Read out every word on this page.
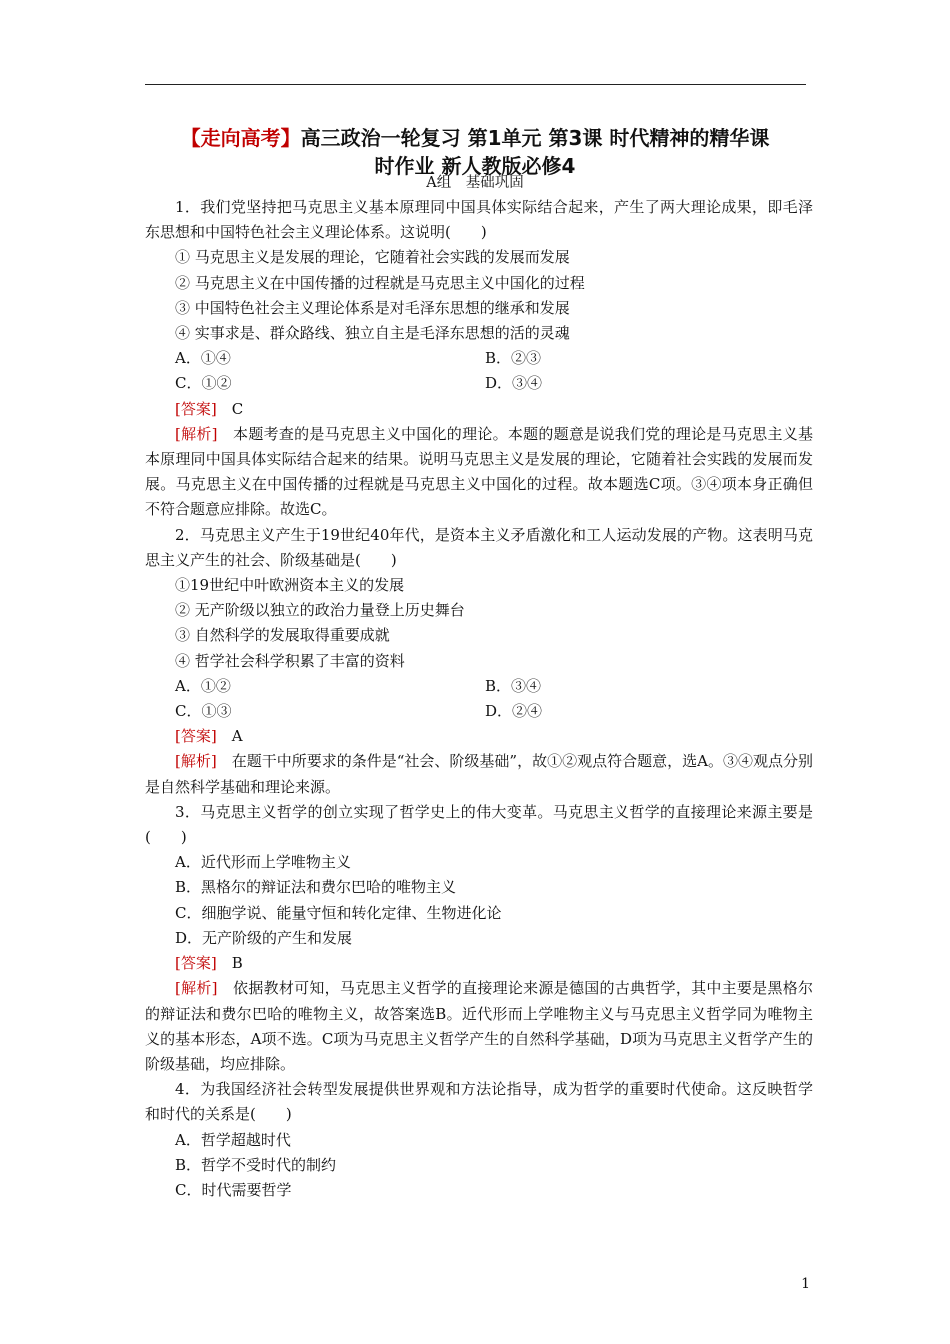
【走向高考】高三政治一轮复习 第1单元 第3课 时代精神的精华课
时作业 新人教版必修4
A组　基础巩固

1．我们党坚持把马克思主义基本原理同中国具体实际结合起来，产生了两大理论成果，即毛泽东思想和中国特色社会主义理论体系。这说明(　　)

① 马克思主义是发展的理论，它随着社会实践的发展而发展

② 马克思主义在中国传播的过程就是马克思主义中国化的过程

③ 中国特色社会主义理论体系是对毛泽东思想的继承和发展

④ 实事求是、群众路线、独立自主是毛泽东思想的活的灵魂

A．①④	B．②③
C．①②	D．③④

[答案]　C

[解析]　本题考查的是马克思主义中国化的理论。本题的题意是说我们党的理论是马克思主义基本原理同中国具体实际结合起来的结果。说明马克思主义是发展的理论，它随着社会实践的发展而发展。马克思主义在中国传播的过程就是马克思主义中国化的过程。故本题选C项。③④项本身正确但不符合题意应排除。故选C。

2．马克思主义产生于19世纪40年代，是资本主义矛盾激化和工人运动发展的产物。这表明马克思主义产生的社会、阶级基础是(　　)

①19世纪中叶欧洲资本主义的发展

② 无产阶级以独立的政治力量登上历史舞台

③ 自然科学的发展取得重要成就

④ 哲学社会科学积累了丰富的资料

A．①②	B．③④
C．①③	D．②④

[答案]　A

[解析]　在题干中所要求的条件是“社会、阶级基础”，故①②观点符合题意，选A。③④观点分别是自然科学基础和理论来源。

3．马克思主义哲学的创立实现了哲学史上的伟大变革。马克思主义哲学的直接理论来源主要是(　　)

A．近代形而上学唯物主义

B．黑格尔的辩证法和费尔巴哈的唯物主义

C．细胞学说、能量守恒和转化定律、生物进化论

D．无产阶级的产生和发展

[答案]　B

[解析]　依据教材可知，马克思主义哲学的直接理论来源是德国的古典哲学，其中主要是黑格尔的辩证法和费尔巴哈的唯物主义，故答案选B。近代形而上学唯物主义与马克思主义哲学同为唯物主义的基本形态，A项不选。C项为马克思主义哲学产生的自然科学基础，D项为马克思主义哲学产生的阶级基础，均应排除。

4．为我国经济社会转型发展提供世界观和方法论指导，成为哲学的重要时代使命。这反映哲学和时代的关系是(　　)

A．哲学超越时代

B．哲学不受时代的制约

C．时代需要哲学

1
